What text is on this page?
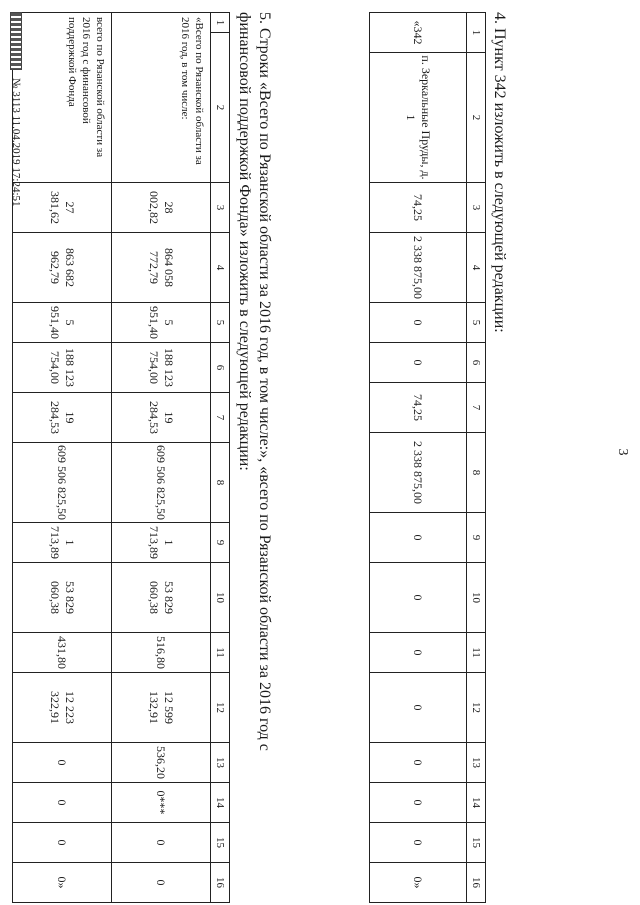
3
4. Пункт 342 изложить в следующей редакции:
1	2	3	4	5	6	7	8	9	10	11	12	13	14	15	16
«342	п. Зеркальные Пруды, д. 1	74,25	2 338 875,00	0	0	74,25	2 338 875,00	0	0	0	0	0	0	0	0»
5. Строки «Всего по Рязанской области за 2016 год, в том числе:», «всего по Рязанской области за 2016 год с
финансовой поддержкой Фонда» изложить в следующей редакции:
1	2	3	4	5	6	7	8	9	10	11	12	13	14	15	16
«Всего по Рязанской области за 2016 год, в том числе:		28 002,82	864 058 772,79	5 951,40	188 123 754,00	19 284,53	609 506 825,50	1 713,89	53 829 060,38	516,80	12 599 132,91	536,20	0***	0	0
всего по Рязанской области за 2016 год с финансовой поддержкой Фонда		27 381,62	863 682 962,79	5 951,40	188 123 754,00	19 284,53	609 506 825,50	1 713,89	53 829 060,38	431,80	12 223 322,91	0	0	0	0»
№ 3113 11.04.2019 17:24:51
